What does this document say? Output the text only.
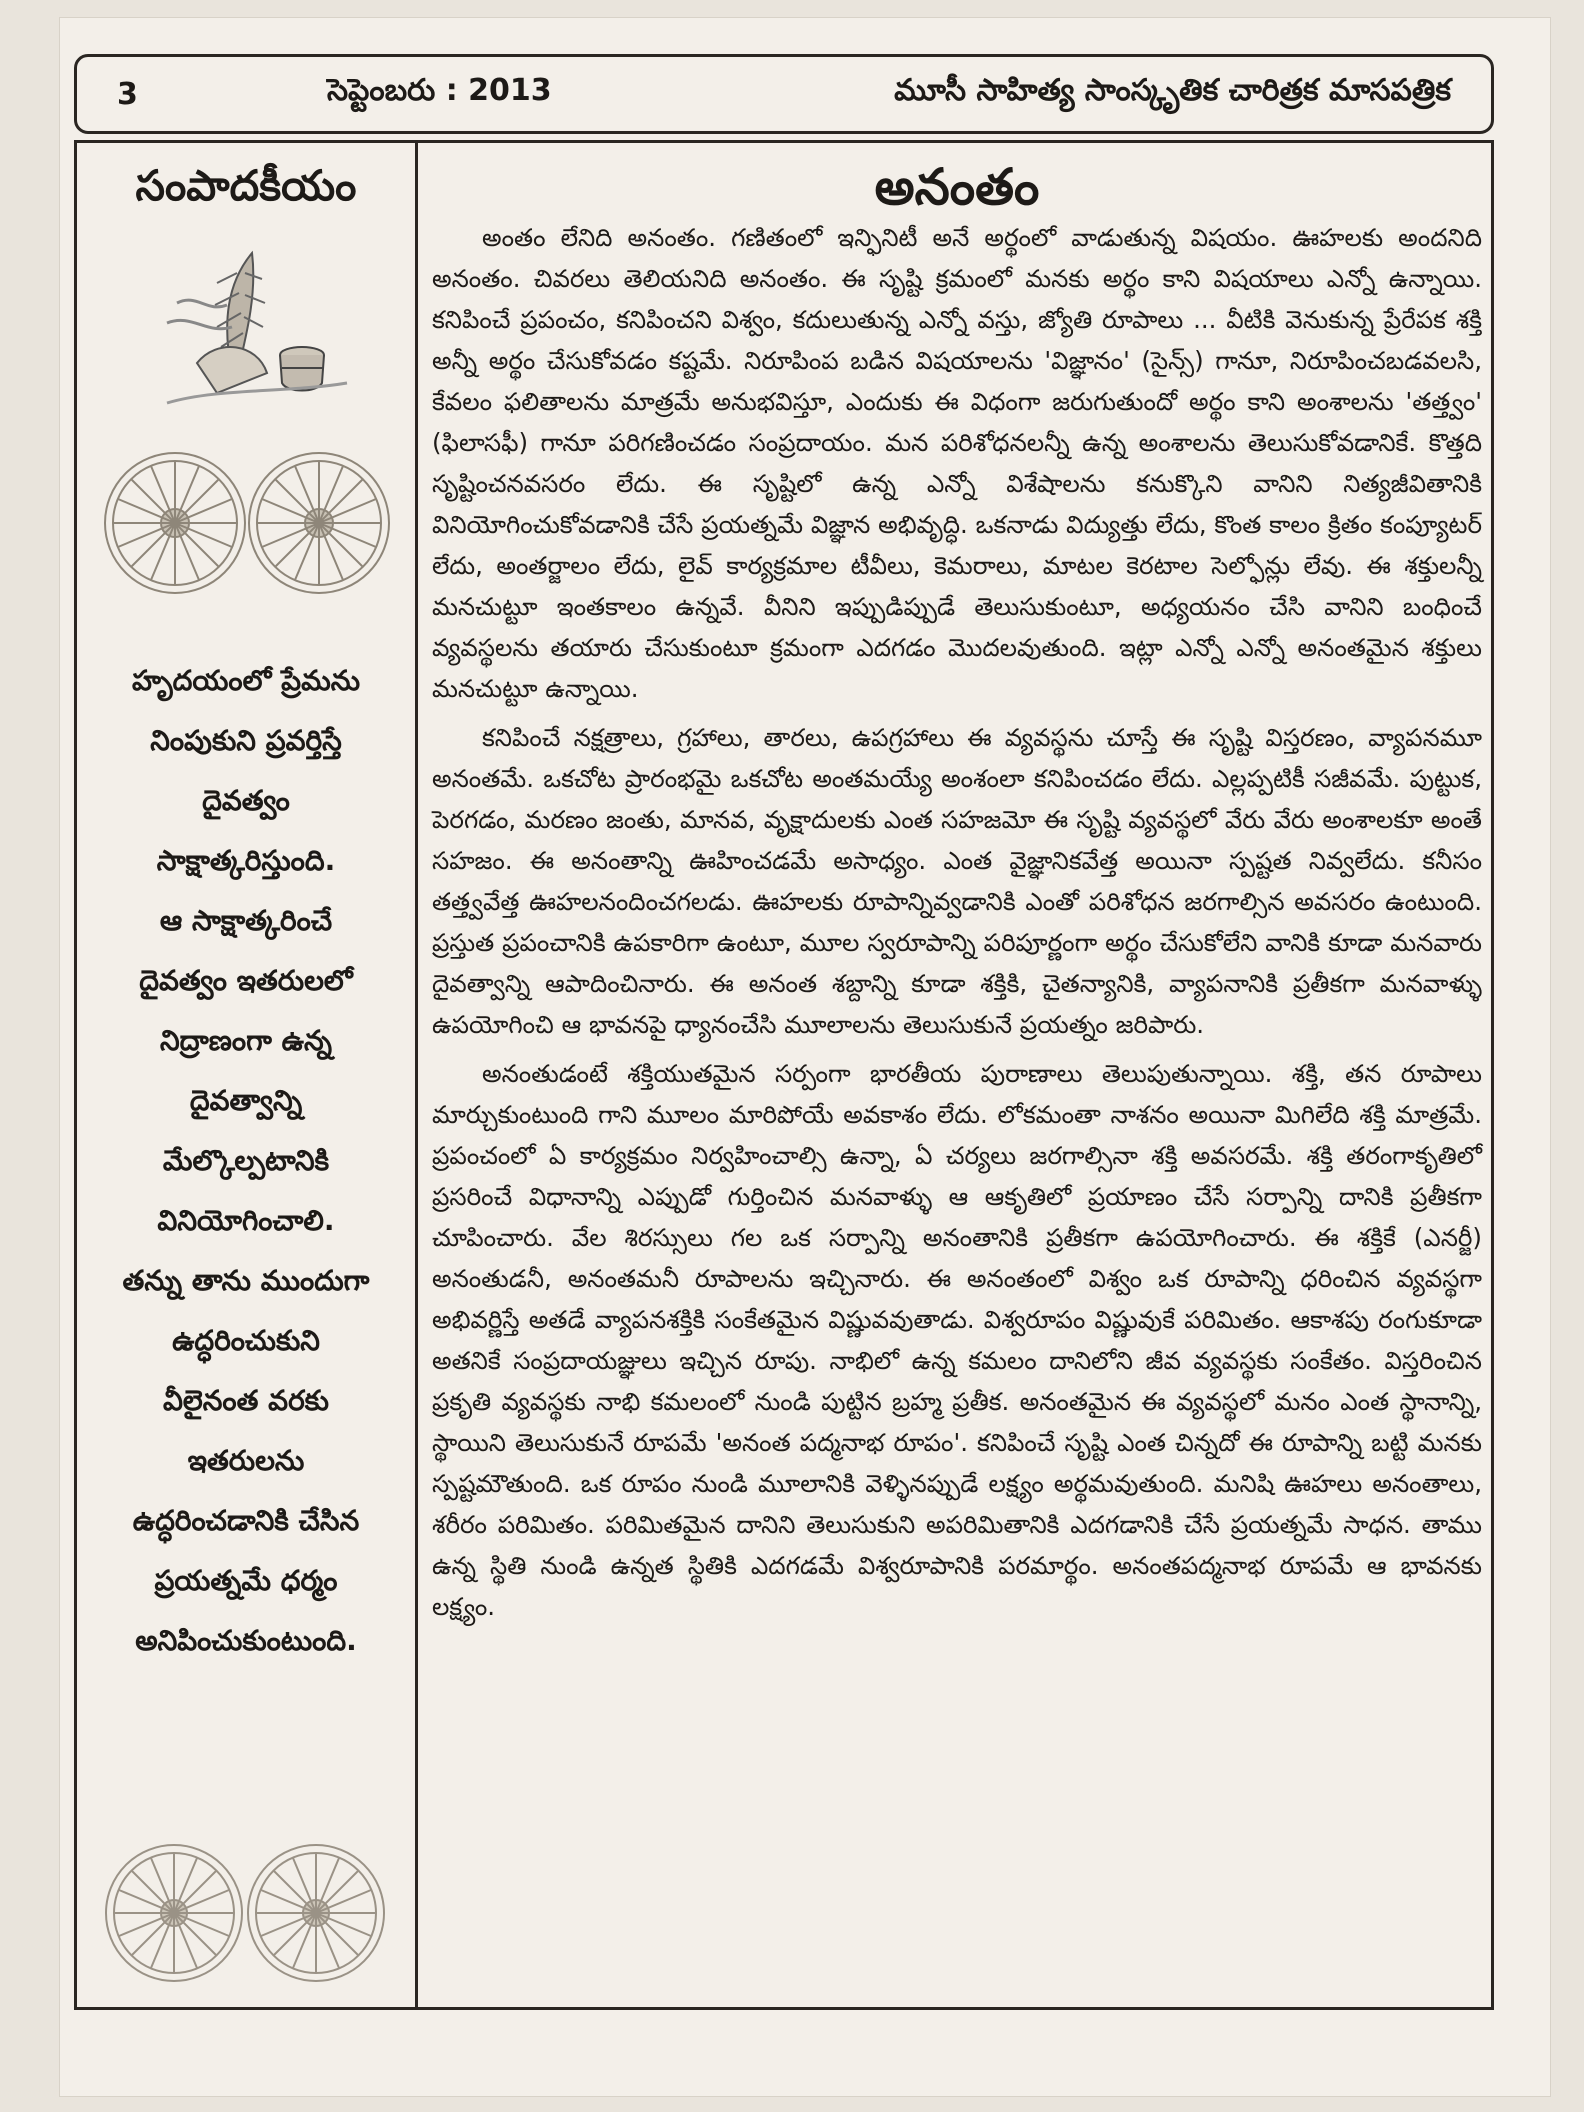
3	సెప్టెంబరు : 2013	మూసీ సాహిత్య సాంస్కృతిక చారిత్రక మాసపత్రిక
సంపాదకీయం
హృదయంలో ప్రేమను
నింపుకుని ప్రవర్తిస్తే
దైవత్వం
సాక్షాత్కరిస్తుంది.
ఆ సాక్షాత్కరించే
దైవత్వం ఇతరులలో
నిద్రాణంగా ఉన్న
దైవత్వాన్ని
మేల్కొల్పటానికి
వినియోగించాలి.
తన్ను తాను ముందుగా
ఉద్ధరించుకుని
వీలైనంత వరకు
ఇతరులను
ఉద్ధరించడానికి చేసిన
ప్రయత్నమే ధర్మం
అనిపించుకుంటుంది.
అనంతం

అంతం లేనిది అనంతం. గణితంలో ఇన్ఫినిటీ అనే అర్థంలో వాడుతున్న విషయం. ఊహలకు అందనిది అనంతం. చివరలు తెలియనిది అనంతం. ఈ సృష్టి క్రమంలో మనకు అర్థం కాని విషయాలు ఎన్నో ఉన్నాయి. కనిపించే ప్రపంచం, కనిపించని విశ్వం, కదులుతున్న ఎన్నో వస్తు, జ్యోతి రూపాలు ... వీటికి వెనుకున్న ప్రేరేపక శక్తి అన్నీ అర్థం చేసుకోవడం కష్టమే. నిరూపింప బడిన విషయాలను 'విజ్ఞానం' (సైన్స్) గానూ, నిరూపించబడవలసి, కేవలం ఫలితాలను మాత్రమే అనుభవిస్తూ, ఎందుకు ఈ విధంగా జరుగుతుందో అర్థం కాని అంశాలను 'తత్త్వం' (ఫిలాసఫీ) గానూ పరిగణించడం సంప్రదాయం. మన పరిశోధనలన్నీ ఉన్న అంశాలను తెలుసుకోవడానికే. కొత్తది సృష్టించనవసరం లేదు. ఈ సృష్టిలో ఉన్న ఎన్నో విశేషాలను కనుక్కొని వానిని నిత్యజీవితానికి వినియోగించుకోవడానికి చేసే ప్రయత్నమే విజ్ఞాన అభివృద్ధి. ఒకనాడు విద్యుత్తు లేదు, కొంత కాలం క్రితం కంప్యూటర్ లేదు, అంతర్జాలం లేదు, లైవ్ కార్యక్రమాల టీవీలు, కెమరాలు, మాటల కెరటాల సెల్ఫోన్లు లేవు. ఈ శక్తులన్నీ మనచుట్టూ ఇంతకాలం ఉన్నవే. వీనిని ఇప్పుడిప్పుడే తెలుసుకుంటూ, అధ్యయనం చేసి వానిని బంధించే వ్యవస్థలను తయారు చేసుకుంటూ క్రమంగా ఎదగడం మొదలవుతుంది. ఇట్లా ఎన్నో ఎన్నో అనంతమైన శక్తులు మనచుట్టూ ఉన్నాయి.

కనిపించే నక్షత్రాలు, గ్రహాలు, తారలు, ఉపగ్రహాలు ఈ వ్యవస్థను చూస్తే ఈ సృష్టి విస్తరణం, వ్యాపనమూ అనంతమే. ఒకచోట ప్రారంభమై ఒకచోట అంతమయ్యే అంశంలా కనిపించడం లేదు. ఎల్లప్పటికీ సజీవమే. పుట్టుక, పెరగడం, మరణం జంతు, మానవ, వృక్షాదులకు ఎంత సహజమో ఈ సృష్టి వ్యవస్థలో వేరు వేరు అంశాలకూ అంతే సహజం. ఈ అనంతాన్ని ఊహించడమే అసాధ్యం. ఎంత వైజ్ఞానికవేత్త అయినా స్పష్టత నివ్వలేదు. కనీసం తత్త్వవేత్త ఊహలనందించగలడు. ఊహలకు రూపాన్నివ్వడానికి ఎంతో పరిశోధన జరగాల్సిన అవసరం ఉంటుంది. ప్రస్తుత ప్రపంచానికి ఉపకారిగా ఉంటూ, మూల స్వరూపాన్ని పరిపూర్ణంగా అర్థం చేసుకోలేని వానికి కూడా మనవారు దైవత్వాన్ని ఆపాదించినారు. ఈ అనంత శబ్దాన్ని కూడా శక్తికి, చైతన్యానికి, వ్యాపనానికి ప్రతీకగా మనవాళ్ళు ఉపయోగించి ఆ భావనపై ధ్యానంచేసి మూలాలను తెలుసుకునే ప్రయత్నం జరిపారు.

అనంతుడంటే శక్తియుతమైన సర్పంగా భారతీయ పురాణాలు తెలుపుతున్నాయి. శక్తి, తన రూపాలు మార్చుకుంటుంది గాని మూలం మారిపోయే అవకాశం లేదు. లోకమంతా నాశనం అయినా మిగిలేది శక్తి మాత్రమే. ప్రపంచంలో ఏ కార్యక్రమం నిర్వహించాల్సి ఉన్నా, ఏ చర్యలు జరగాల్సినా శక్తి అవసరమే. శక్తి తరంగాకృతిలో ప్రసరించే విధానాన్ని ఎప్పుడో గుర్తించిన మనవాళ్ళు ఆ ఆకృతిలో ప్రయాణం చేసే సర్పాన్ని దానికి ప్రతీకగా చూపించారు. వేల శిరస్సులు గల ఒక సర్పాన్ని అనంతానికి ప్రతీకగా ఉపయోగించారు. ఈ శక్తికే (ఎనర్జీ) అనంతుడనీ, అనంతమనీ రూపాలను ఇచ్చినారు. ఈ అనంతంలో విశ్వం ఒక రూపాన్ని ధరించిన వ్యవస్థగా అభివర్ణిస్తే అతడే వ్యాపనశక్తికి సంకేతమైన విష్ణువవుతాడు. విశ్వరూపం విష్ణువుకే పరిమితం. ఆకాశపు రంగుకూడా అతనికే సంప్రదాయజ్ఞులు ఇచ్చిన రూపు. నాభిలో ఉన్న కమలం దానిలోని జీవ వ్యవస్థకు సంకేతం. విస్తరించిన ప్రకృతి వ్యవస్థకు నాభి కమలంలో నుండి పుట్టిన బ్రహ్మ ప్రతీక. అనంతమైన ఈ వ్యవస్థలో మనం ఎంత స్థానాన్ని, స్థాయిని తెలుసుకునే రూపమే 'అనంత పద్మనాభ రూపం'. కనిపించే సృష్టి ఎంత చిన్నదో ఈ రూపాన్ని బట్టి మనకు స్పష్టమౌతుంది. ఒక రూపం నుండి మూలానికి వెళ్ళినప్పుడే లక్ష్యం అర్థమవుతుంది. మనిషి ఊహలు అనంతాలు, శరీరం పరిమితం. పరిమితమైన దానిని తెలుసుకుని అపరిమితానికి ఎదగడానికి చేసే ప్రయత్నమే సాధన. తాము ఉన్న స్థితి నుండి ఉన్నత స్థితికి ఎదగడమే విశ్వరూపానికి పరమార్థం. అనంతపద్మనాభ రూపమే ఆ భావనకు లక్ష్యం.
